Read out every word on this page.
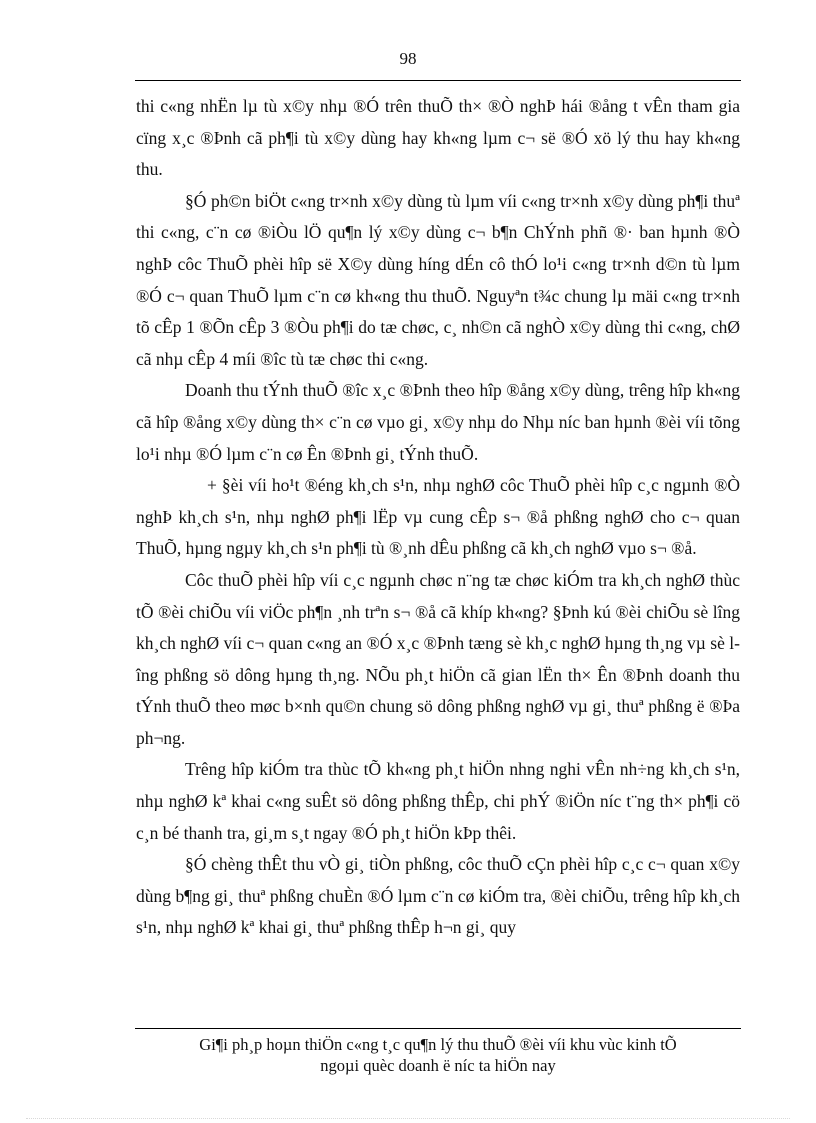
98

thi c«ng nhËn lµ tù x©y nhµ ®Ó trên thuÕ th× ®Ò nghÞ hái ®ång t vÊn tham gia cïng x¸c ®Þnh cã ph¶i tù x©y dùng hay kh«ng lµm c¬ së ®Ó xö lý thu hay kh«ng thu.

§Ó ph©n biÖt c«ng tr×nh x©y dùng tù lµm víi c«ng tr×nh x©y dùng ph¶i thuª thi c«ng, c¨n cø ®iÒu lÖ qu¶n lý x©y dùng c¬ b¶n ChÝnh phñ ®· ban hµnh ®Ò nghÞ côc ThuÕ phèi hîp së X©y dùng híng dÉn cô thÓ lo¹i c«ng tr×nh d©n tù lµm ®Ó c¬ quan ThuÕ lµm c¨n cø kh«ng thu thuÕ. Nguyªn t¾c chung lµ mäi c«ng tr×nh tõ cÊp 1 ®Õn cÊp 3 ®Òu ph¶i do tæ chøc, c¸ nh©n cã nghÒ x©y dùng thi c«ng, chØ cã nhµ cÊp 4 míi ®îc tù tæ chøc thi c«ng.

Doanh thu tÝnh thuÕ ®îc x¸c ®Þnh theo hîp ®ång x©y dùng, trêng hîp kh«ng cã hîp ®ång x©y dùng th× c¨n cø vµo gi¸ x©y nhµ do Nhµ níc ban hµnh ®èi víi tõng lo¹i nhµ ®Ó lµm c¨n cø Ên ®Þnh gi¸ tÝnh thuÕ.

+ §èi víi ho¹t ®éng kh¸ch s¹n, nhµ nghØ côc ThuÕ phèi hîp c¸c ngµnh ®Ò nghÞ kh¸ch s¹n, nhµ nghØ ph¶i lËp vµ cung cÊp s¬ ®å phßng nghØ cho c¬ quan ThuÕ, hµng ngµy kh¸ch s¹n ph¶i tù ®¸nh dÊu phßng cã kh¸ch nghØ vµo s¬ ®å.

Côc thuÕ phèi hîp víi c¸c ngµnh chøc n¨ng tæ chøc kiÓm tra kh¸ch nghØ thùc tÕ ®èi chiÕu víi viÖc ph¶n ¸nh trªn s¬ ®å cã khíp kh«ng? §Þnh kú ®èi chiÕu sè lîng kh¸ch nghØ víi c¬ quan c«ng an ®Ó x¸c ®Þnh tæng sè kh¸c nghØ hµng th¸ng vµ sè lîng phßng sö dông hµng th¸ng. NÕu ph¸t hiÖn cã gian lËn th× Ên ®Þnh doanh thu tÝnh thuÕ theo møc b×nh qu©n chung sö dông phßng nghØ vµ gi¸ thuª phßng ë ®Þa ph¬ng.

Trêng hîp kiÓm tra thùc tÕ kh«ng ph¸t hiÖn nhng nghi vÊn nh÷ng kh¸ch s¹n, nhµ nghØ kª khai c«ng suÊt sö dông phßng thÊp, chi phÝ ®iÖn níc t¨ng th× ph¶i cö c¸n bé thanh tra, gi¸m s¸t ngay ®Ó ph¸t hiÖn kÞp thêi.

§Ó chèng thÊt thu vÒ gi¸ tiÒn phßng, côc thuÕ cÇn phèi hîp c¸c c¬ quan x©y dùng b¶ng gi¸ thuª phßng chuÈn ®Ó lµm c¨n cø kiÓm tra, ®èi chiÕu, trêng hîp kh¸ch s¹n, nhµ nghØ kª khai gi¸ thuª phßng thÊp h¬n gi¸ quy

Gi¶i ph¸p hoµn thiÖn c«ng t¸c qu¶n lý thu thuÕ ®èi víi khu vùc kinh tÕ
ngoµi quèc doanh ë níc ta hiÖn nay
